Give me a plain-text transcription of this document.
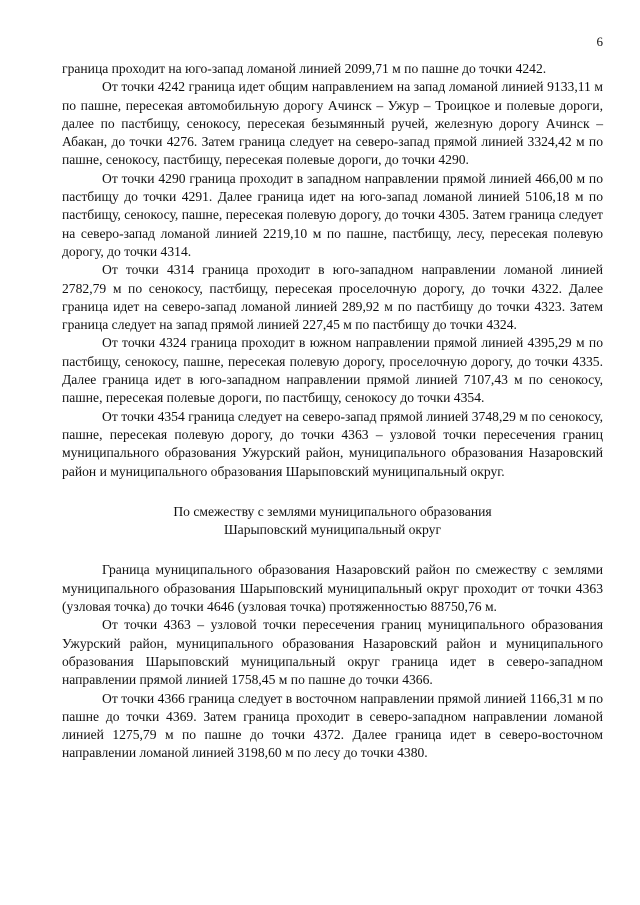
6

граница проходит на юго-запад ломаной линией 2099,71 м по пашне до точки 4242.

От точки 4242 граница идет общим направлением на запад ломаной линией 9133,11 м по пашне, пересекая автомобильную дорогу Ачинск – Ужур – Троицкое и полевые дороги, далее по пастбищу, сенокосу, пересекая безымянный ручей, железную дорогу Ачинск – Абакан, до точки 4276. Затем граница следует на северо-запад прямой линией 3324,42 м по пашне, сенокосу, пастбищу, пересекая полевые дороги, до точки 4290.

От точки 4290 граница проходит в западном направлении прямой линией 466,00 м по пастбищу до точки 4291. Далее граница идет на юго-запад ломаной линией 5106,18 м по пастбищу, сенокосу, пашне, пересекая полевую дорогу, до точки 4305. Затем граница следует на северо-запад ломаной линией 2219,10 м по пашне, пастбищу, лесу, пересекая полевую дорогу, до точки 4314.

От точки 4314 граница проходит в юго-западном направлении ломаной линией 2782,79 м по сенокосу, пастбищу, пересекая проселочную дорогу, до точки 4322. Далее граница идет на северо-запад ломаной линией 289,92 м по пастбищу до точки 4323. Затем граница следует на запад прямой линией 227,45 м по пастбищу до точки 4324.

От точки 4324 граница проходит в южном направлении прямой линией 4395,29 м по пастбищу, сенокосу, пашне, пересекая полевую дорогу, проселочную дорогу, до точки 4335. Далее граница идет в юго-западном направлении прямой линией 7107,43 м по сенокосу, пашне, пересекая полевые дороги, по пастбищу, сенокосу до точки 4354.

От точки 4354 граница следует на северо-запад прямой линией 3748,29 м по сенокосу, пашне, пересекая полевую дорогу, до точки 4363 – узловой точки пересечения границ муниципального образования Ужурский район, муниципального образования Назаровский район и муниципального образования Шарыповский муниципальный округ.

По смежеству с землями муниципального образования
Шарыповский муниципальный округ

Граница муниципального образования Назаровский район по смежеству с землями муниципального образования Шарыповский муниципальный округ проходит от точки 4363 (узловая точка) до точки 4646 (узловая точка) протяженностью 88750,76 м.

От точки 4363 – узловой точки пересечения границ муниципального образования Ужурский район, муниципального образования Назаровский район и муниципального образования Шарыповский муниципальный округ граница идет в северо-западном направлении прямой линией 1758,45 м по пашне до точки 4366.

От точки 4366 граница следует в восточном направлении прямой линией 1166,31 м по пашне до точки 4369. Затем граница проходит в северо-западном направлении ломаной линией 1275,79 м по пашне до точки 4372. Далее граница идет в северо-восточном направлении ломаной линией 3198,60 м по лесу до точки 4380.
